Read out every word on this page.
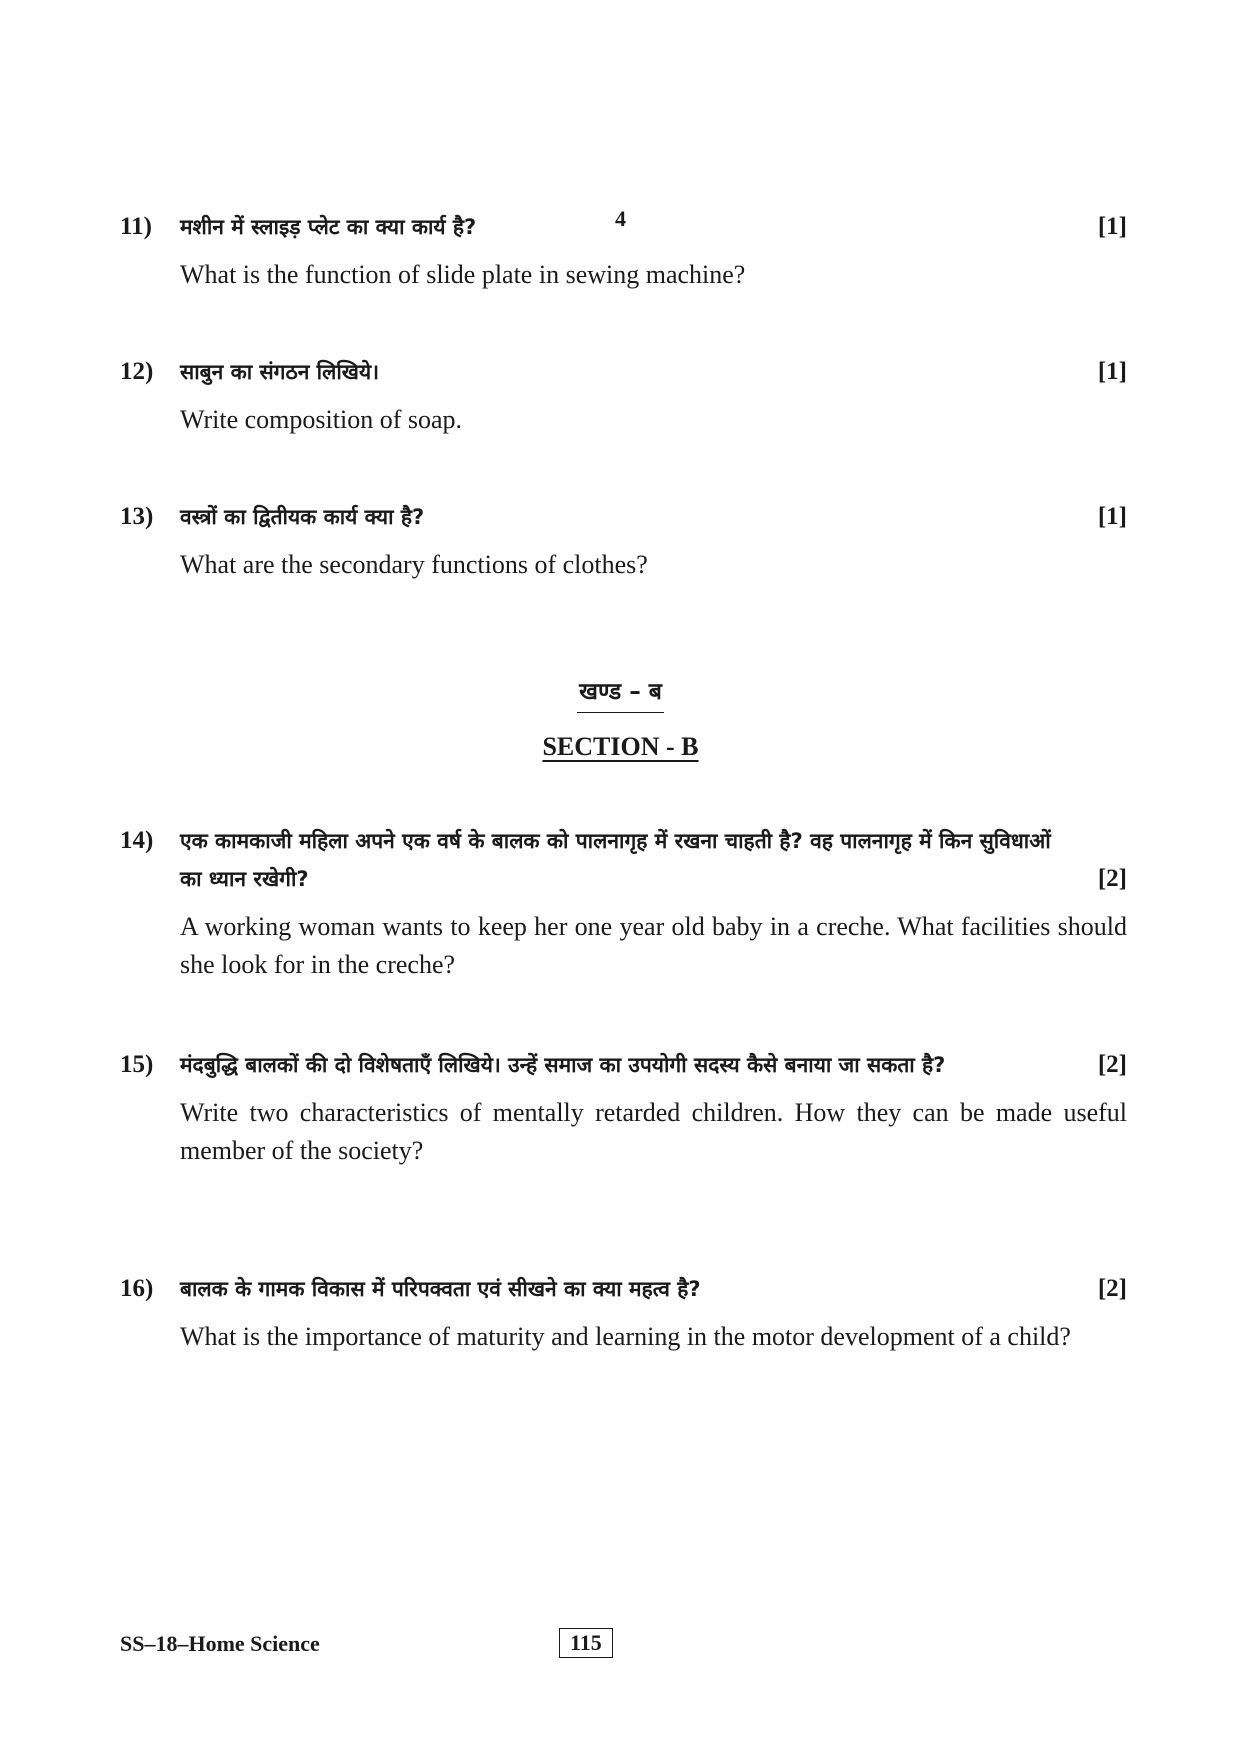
4
11)	मशीन में स्लाइड़ प्लेट का क्या कार्य है?	[1]
What is the function of slide plate in sewing machine?
12)	साबुन का संगठन लिखिये।	[1]
Write composition of soap.
13)	वस्त्रों का द्वितीयक कार्य क्या है?	[1]
What are the secondary functions of clothes?
खण्ड – ब
SECTION - B
14)	एक कामकाजी महिला अपने एक वर्ष के बालक को पालनागृह में रखना चाहती है? वह पालनागृह में किन सुविधाओं का ध्यान रखेगी?	[2]
A working woman wants to keep her one year old baby in a creche. What facilities should she look for in the creche?
15)	मंदबुद्धि बालकों की दो विशेषताएँ लिखिये। उन्हें समाज का उपयोगी सदस्य कैसे बनाया जा सकता है?	[2]
Write two characteristics of mentally retarded children. How they can be made useful member of the society?
16)	बालक के गामक विकास में परिपक्वता एवं सीखने का क्या महत्व है?	[2]
What is the importance of maturity and learning in the motor development of a child?
SS–18–Home Science	115
